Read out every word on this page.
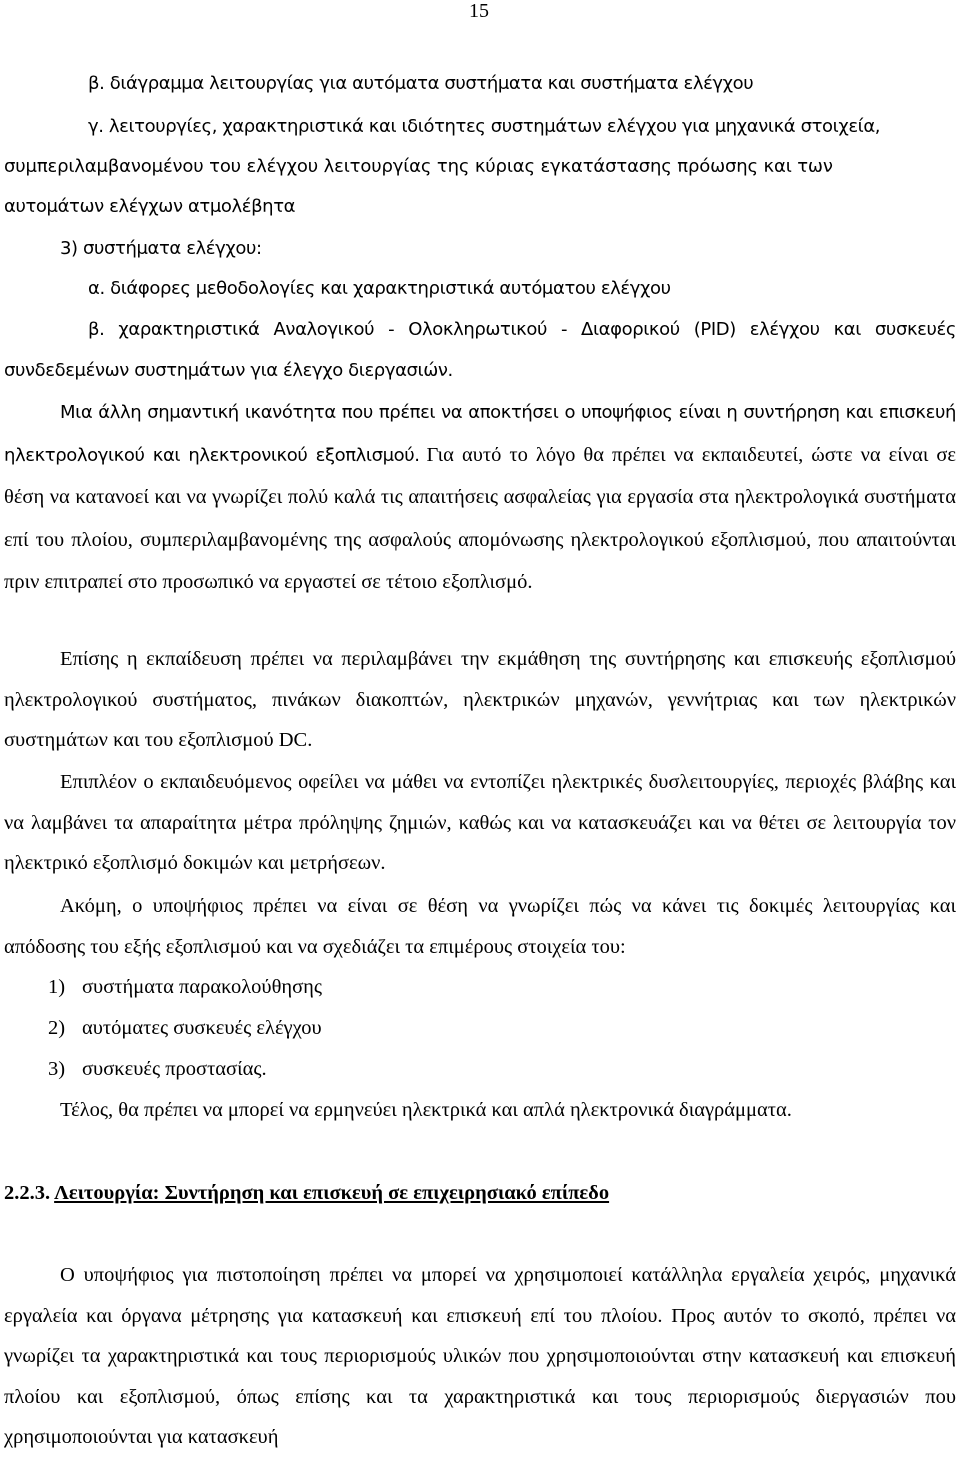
15
β. διάγραμμα λειτουργίας για αυτόματα συστήματα και συστήματα ελέγχου
γ. λειτουργίες, χαρακτηριστικά και ιδιότητες συστημάτων ελέγχου για μηχανικά στοιχεία,
συμπεριλαμβανομένου του ελέγχου λειτουργίας της κύριας εγκατάστασης πρόωσης και των
αυτομάτων ελέγχων ατμολέβητα
3) συστήματα ελέγχου:
α. διάφορες μεθοδολογίες και χαρακτηριστικά αυτόματου ελέγχου
β. χαρακτηριστικά Αναλογικού - Ολοκληρωτικού - Διαφορικού (PID) ελέγχου και συσκευές συνδεδεμένων συστημάτων για έλεγχο διεργασιών.
Μια άλλη σημαντική ικανότητα που πρέπει να αποκτήσει ο υποψήφιος είναι η συντήρηση και επισκευή ηλεκτρολογικού και ηλεκτρονικού εξοπλισμού. Για αυτό το λόγο θα πρέπει να εκπαιδευτεί, ώστε να είναι σε θέση να κατανοεί και να γνωρίζει πολύ καλά τις απαιτήσεις ασφαλείας για εργασία στα ηλεκτρολογικά συστήματα επί του πλοίου, συμπεριλαμβανομένης της ασφαλούς απομόνωσης ηλεκτρολογικού εξοπλισμού, που απαιτούνται πριν επιτραπεί στο προσωπικό να εργαστεί σε τέτοιο εξοπλισμό.
Επίσης η εκπαίδευση πρέπει να περιλαμβάνει την εκμάθηση της συντήρησης και επισκευής εξοπλισμού ηλεκτρολογικού συστήματος, πινάκων διακοπτών, ηλεκτρικών μηχανών, γεννήτριας και των ηλεκτρικών συστημάτων και του εξοπλισμού DC.
Επιπλέον ο εκπαιδευόμενος οφείλει να μάθει να εντοπίζει ηλεκτρικές δυσλειτουργίες, περιοχές βλάβης και να λαμβάνει τα απαραίτητα μέτρα πρόληψης ζημιών, καθώς και να κατασκευάζει και να θέτει σε λειτουργία τον ηλεκτρικό εξοπλισμό δοκιμών και μετρήσεων.
Ακόμη, ο υποψήφιος πρέπει να είναι σε θέση να γνωρίζει πώς να κάνει τις δοκιμές λειτουργίας και απόδοσης του εξής εξοπλισμού και να σχεδιάζει τα επιμέρους στοιχεία του:
1) συστήματα παρακολούθησης
2) αυτόματες συσκευές ελέγχου
3) συσκευές προστασίας.
Τέλος, θα πρέπει να μπορεί να ερμηνεύει ηλεκτρικά και απλά ηλεκτρονικά διαγράμματα.
2.2.3. Λειτουργία: Συντήρηση και επισκευή σε επιχειρησιακό επίπεδο
Ο υποψήφιος για πιστοποίηση πρέπει να μπορεί να χρησιμοποιεί κατάλληλα εργαλεία χειρός, μηχανικά εργαλεία και όργανα μέτρησης για κατασκευή και επισκευή επί του πλοίου. Προς αυτόν το σκοπό, πρέπει να γνωρίζει τα χαρακτηριστικά και τους περιορισμούς υλικών που χρησιμοποιούνται στην κατασκευή και επισκευή πλοίου και εξοπλισμού, όπως επίσης και τα χαρακτηριστικά και τους περιορισμούς διεργασιών που χρησιμοποιούνται για κατασκευή
